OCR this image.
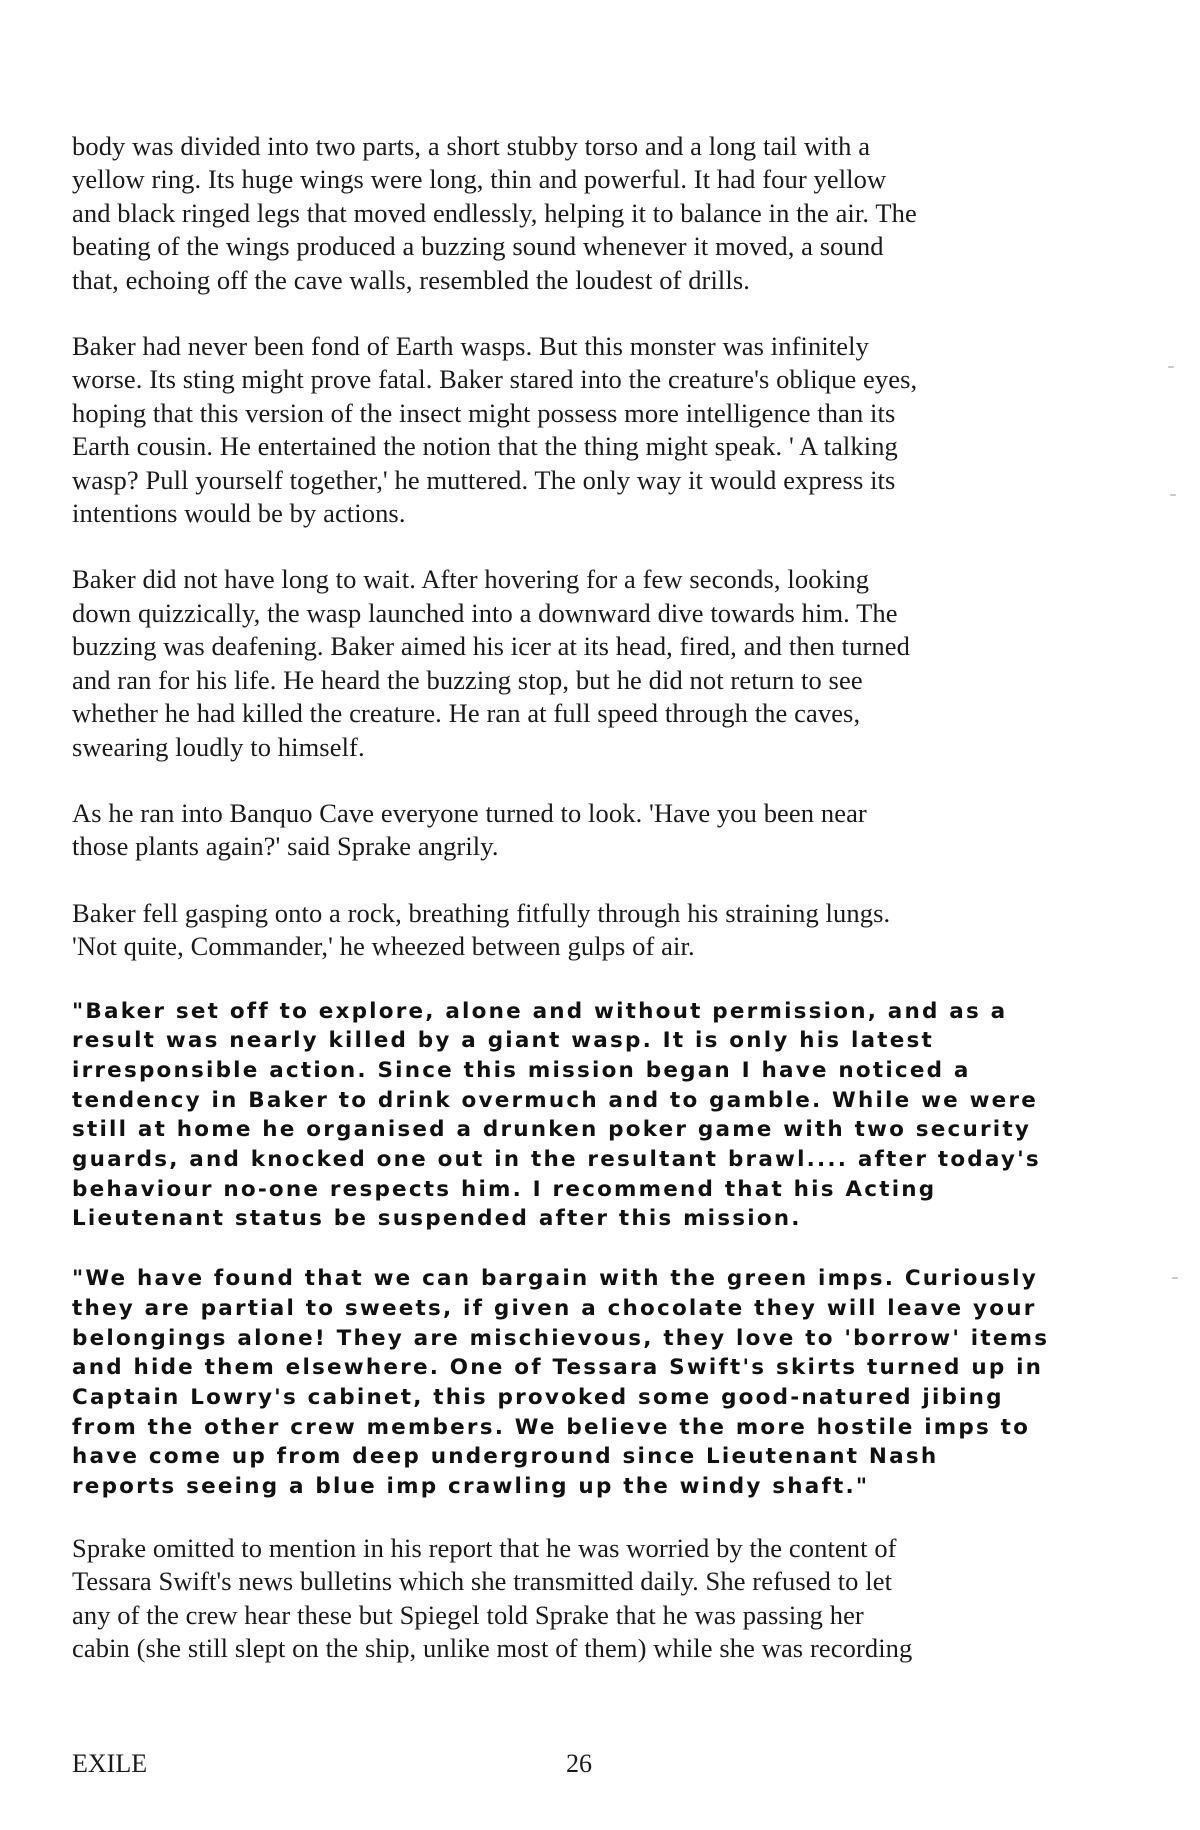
body was divided into two parts, a short stubby torso and a long tail with a
yellow ring. Its huge wings were long, thin and powerful. It had four yellow
and black ringed legs that moved endlessly, helping it to balance in the air. The
beating of the wings produced a buzzing sound whenever it moved, a sound
that, echoing off the cave walls, resembled the loudest of drills.

Baker had never been fond of Earth wasps. But this monster was infinitely
worse. Its sting might prove fatal. Baker stared into the creature's oblique eyes,
hoping that this version of the insect might possess more intelligence than its
Earth cousin. He entertained the notion that the thing might speak. ' A talking
wasp? Pull yourself together,' he muttered. The only way it would express its
intentions would be by actions.

Baker did not have long to wait. After hovering for a few seconds, looking
down quizzically, the wasp launched into a downward dive towards him. The
buzzing was deafening. Baker aimed his icer at its head, fired, and then turned
and ran for his life. He heard the buzzing stop, but he did not return to see
whether he had killed the creature. He ran at full speed through the caves,
swearing loudly to himself.

As he ran into Banquo Cave everyone turned to look. 'Have you been near
those plants again?' said Sprake angrily.

Baker fell gasping onto a rock, breathing fitfully through his straining lungs.
'Not quite, Commander,' he wheezed between gulps of air.

"Baker set off to explore, alone and without permission, and as a
result was nearly killed by a giant wasp. It is only his latest
irresponsible action. Since this mission began I have noticed a
tendency in Baker to drink overmuch and to gamble. While we were
still at home he organised a drunken poker game with two security
guards, and knocked one out in the resultant brawl.... after today's
behaviour no-one respects him. I recommend that his Acting
Lieutenant status be suspended after this mission.

"We have found that we can bargain with the green imps. Curiously
they are partial to sweets, if given a chocolate they will leave your
belongings alone! They are mischievous, they love to 'borrow' items
and hide them elsewhere. One of Tessara Swift's skirts turned up in
Captain Lowry's cabinet, this provoked some good-natured jibing
from the other crew members. We believe the more hostile imps to
have come up from deep underground since Lieutenant Nash
reports seeing a blue imp crawling up the windy shaft."

Sprake omitted to mention in his report that he was worried by the content of
Tessara Swift's news bulletins which she transmitted daily. She refused to let
any of the crew hear these but Spiegel told Sprake that he was passing her
cabin (she still slept on the ship, unlike most of them) while she was recording

EXILE	26
